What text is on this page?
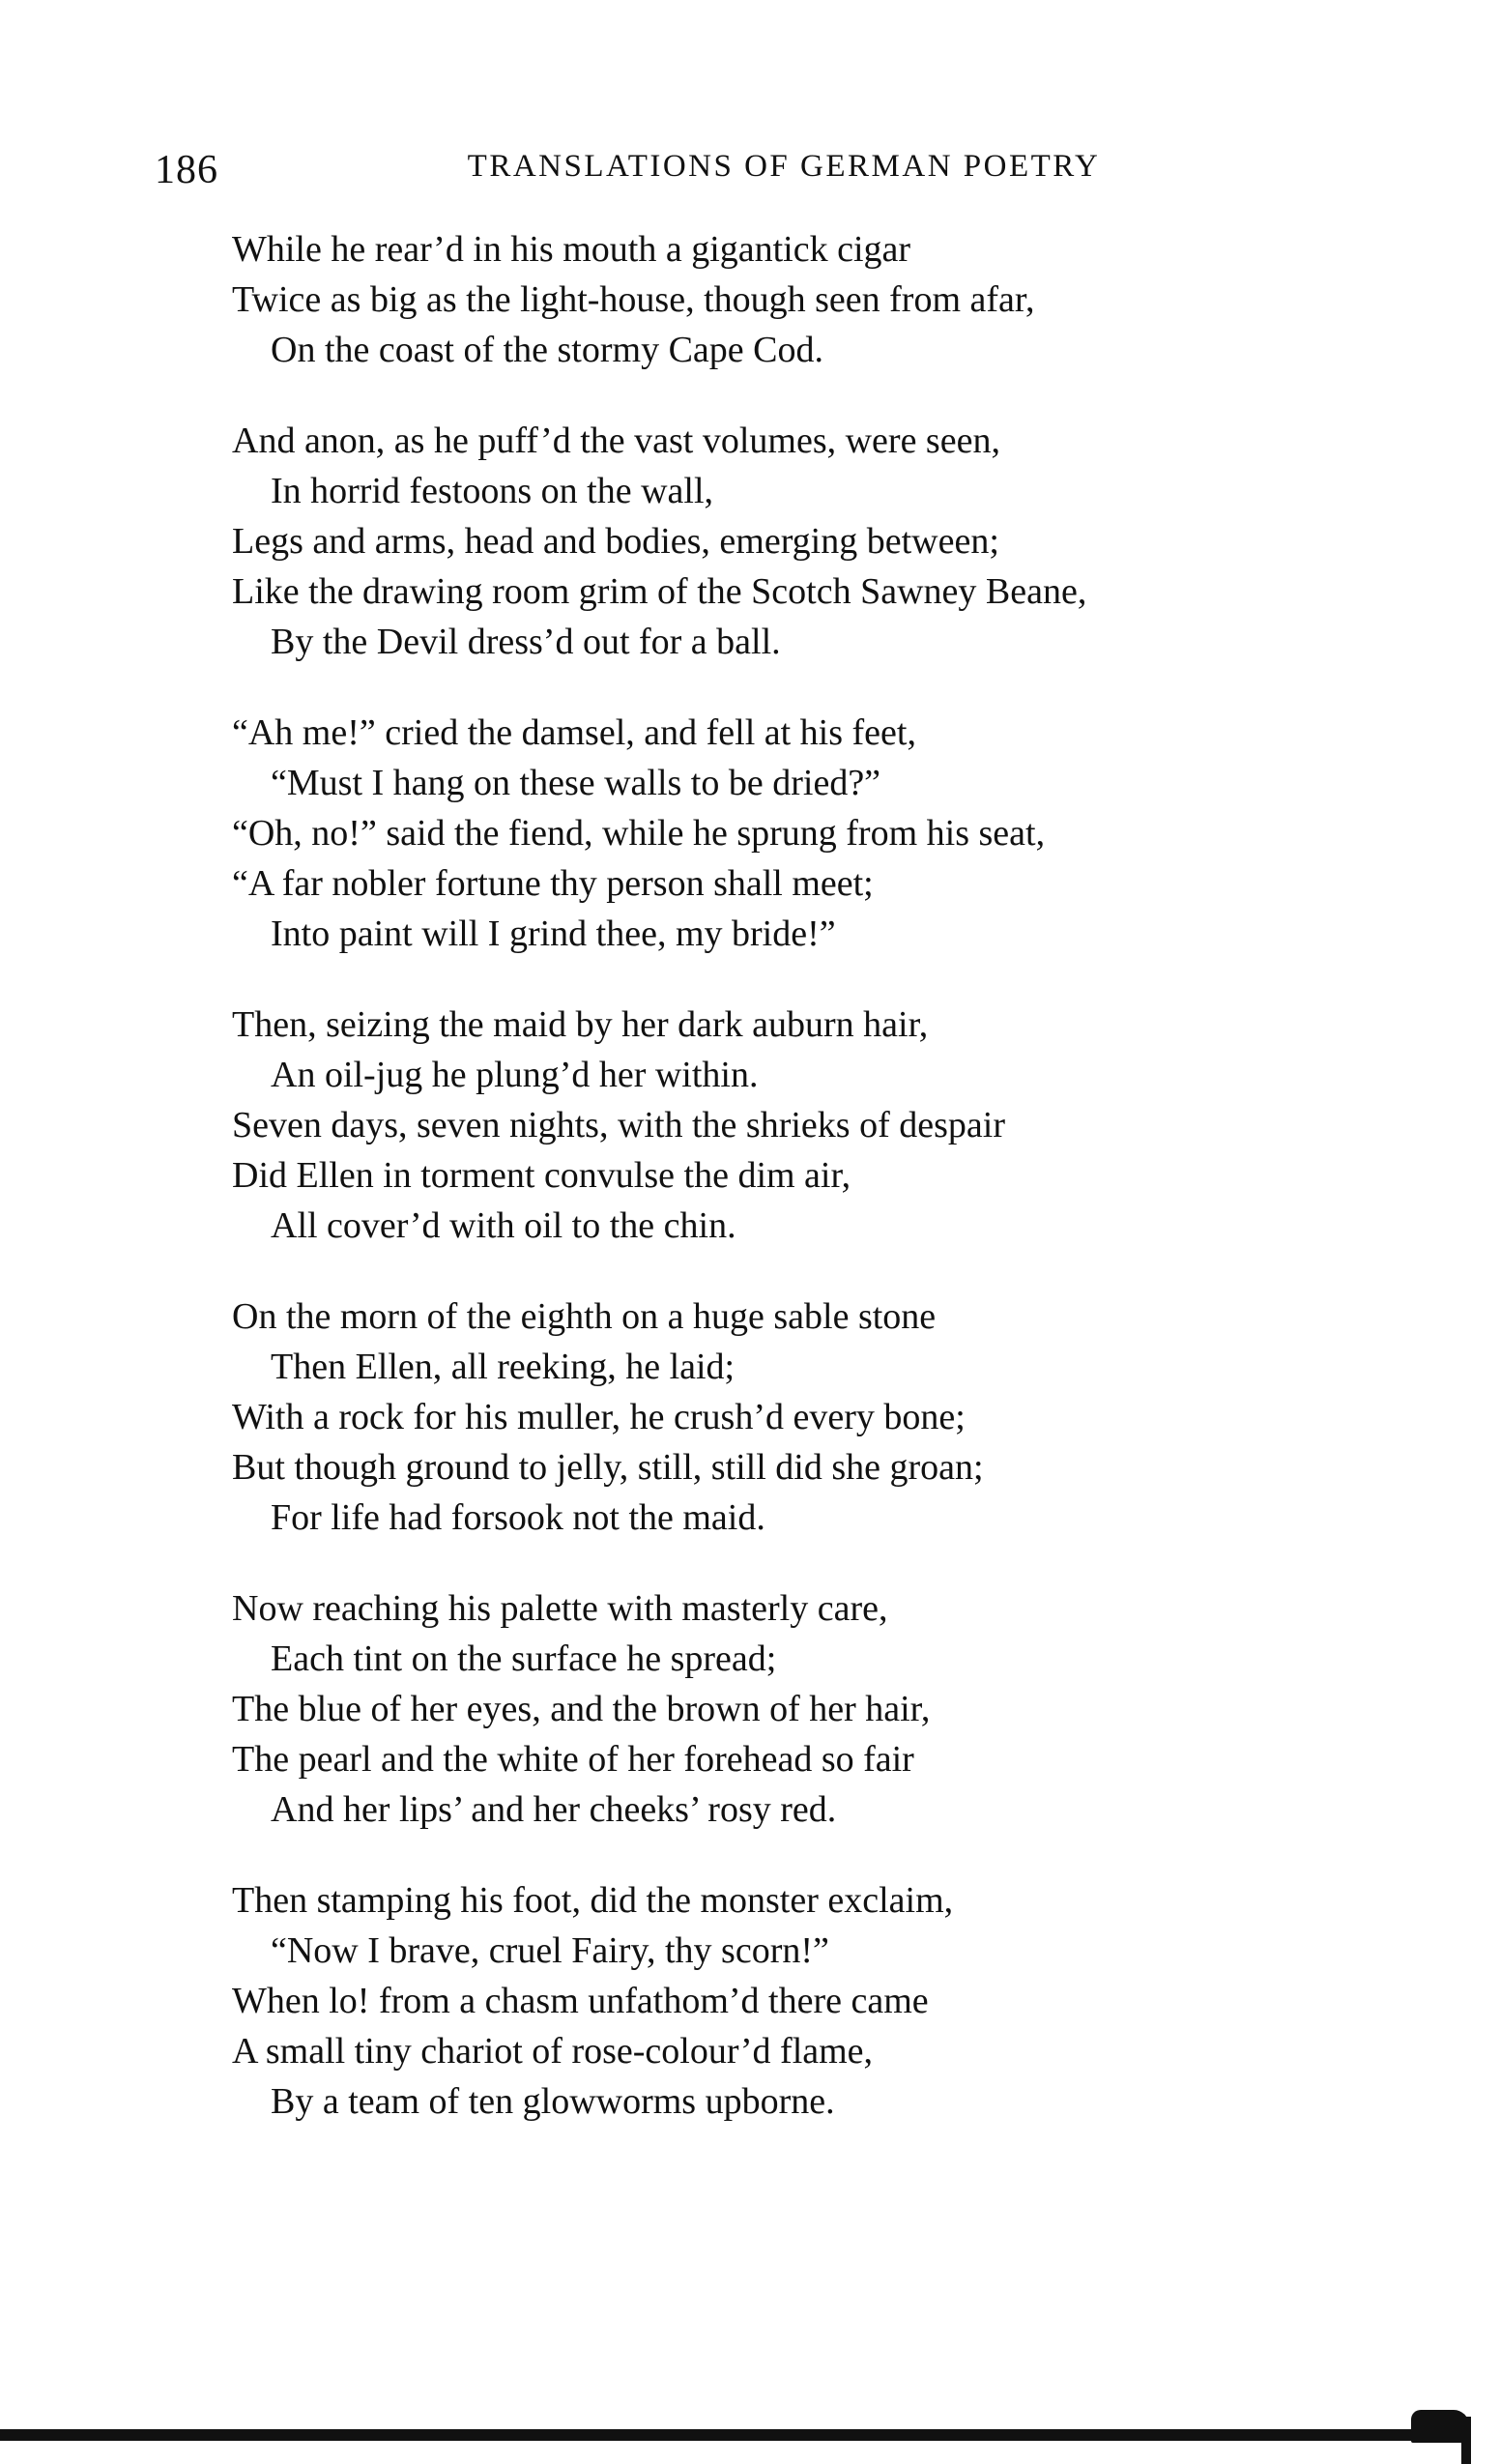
186	TRANSLATIONS OF GERMAN POETRY
While he rear’d in his mouth a gigantick cigar
Twice as big as the light-house, though seen from afar,
On the coast of the stormy Cape Cod.
And anon, as he puff’d the vast volumes, were seen,
In horrid festoons on the wall,
Legs and arms, head and bodies, emerging between;
Like the drawing room grim of the Scotch Sawney Beane,
By the Devil dress’d out for a ball.
“Ah me!” cried the damsel, and fell at his feet,
“Must I hang on these walls to be dried?”
“Oh, no!” said the fiend, while he sprung from his seat,
“A far nobler fortune thy person shall meet;
Into paint will I grind thee, my bride!”
Then, seizing the maid by her dark auburn hair,
An oil-jug he plung’d her within.
Seven days, seven nights, with the shrieks of despair
Did Ellen in torment convulse the dim air,
All cover’d with oil to the chin.
On the morn of the eighth on a huge sable stone
Then Ellen, all reeking, he laid;
With a rock for his muller, he crush’d every bone;
But though ground to jelly, still, still did she groan;
For life had forsook not the maid.
Now reaching his palette with masterly care,
Each tint on the surface he spread;
The blue of her eyes, and the brown of her hair,
The pearl and the white of her forehead so fair
And her lips’ and her cheeks’ rosy red.
Then stamping his foot, did the monster exclaim,
“Now I brave, cruel Fairy, thy scorn!”
When lo! from a chasm unfathom’d there came
A small tiny chariot of rose-colour’d flame,
By a team of ten glowworms upborne.
